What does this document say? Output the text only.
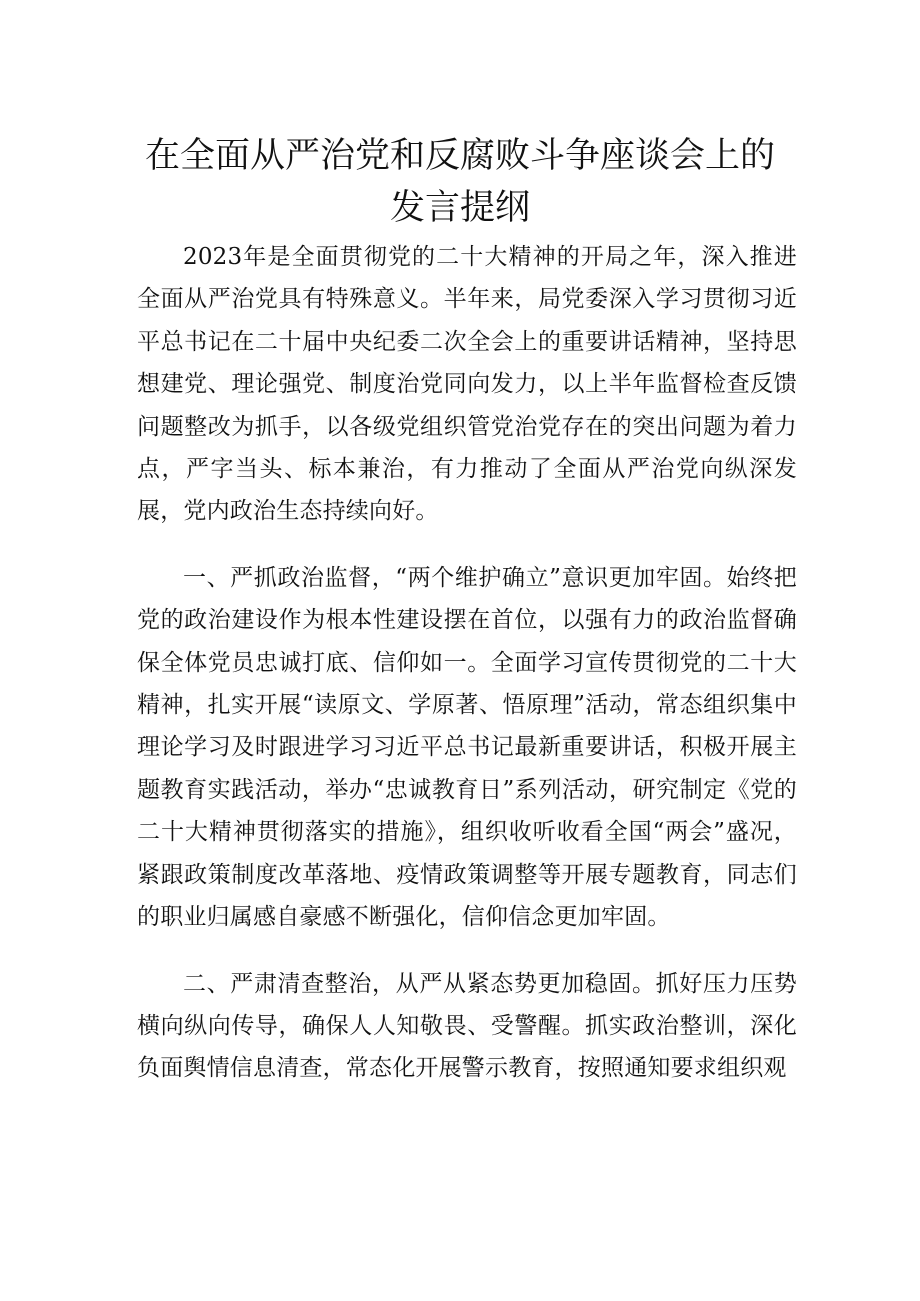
在全面从严治党和反腐败斗争座谈会上的
发言提纲

2023年是全面贯彻党的二十大精神的开局之年，深入推进全面从严治党具有特殊意义。半年来，局党委深入学习贯彻习近平总书记在二十届中央纪委二次全会上的重要讲话精神，坚持思想建党、理论强党、制度治党同向发力，以上半年监督检查反馈问题整改为抓手，以各级党组织管党治党存在的突出问题为着力点，严字当头、标本兼治，有力推动了全面从严治党向纵深发展，党内政治生态持续向好。

一、严抓政治监督，“两个维护确立”意识更加牢固。始终把党的政治建设作为根本性建设摆在首位，以强有力的政治监督确保全体党员忠诚打底、信仰如一。全面学习宣传贯彻党的二十大精神，扎实开展“读原文、学原著、悟原理”活动，常态组织集中理论学习及时跟进学习习近平总书记最新重要讲话，积极开展主题教育实践活动，举办“忠诚教育日”系列活动，研究制定《党的二十大精神贯彻落实的措施》，组织收听收看全国“两会”盛况，紧跟政策制度改革落地、疫情政策调整等开展专题教育，同志们的职业归属感自豪感不断强化，信仰信念更加牢固。

二、严肃清查整治，从严从紧态势更加稳固。抓好压力压势横向纵向传导，确保人人知敬畏、受警醒。抓实政治整训，深化负面舆情信息清查，常态化开展警示教育，按照通知要求组织观
